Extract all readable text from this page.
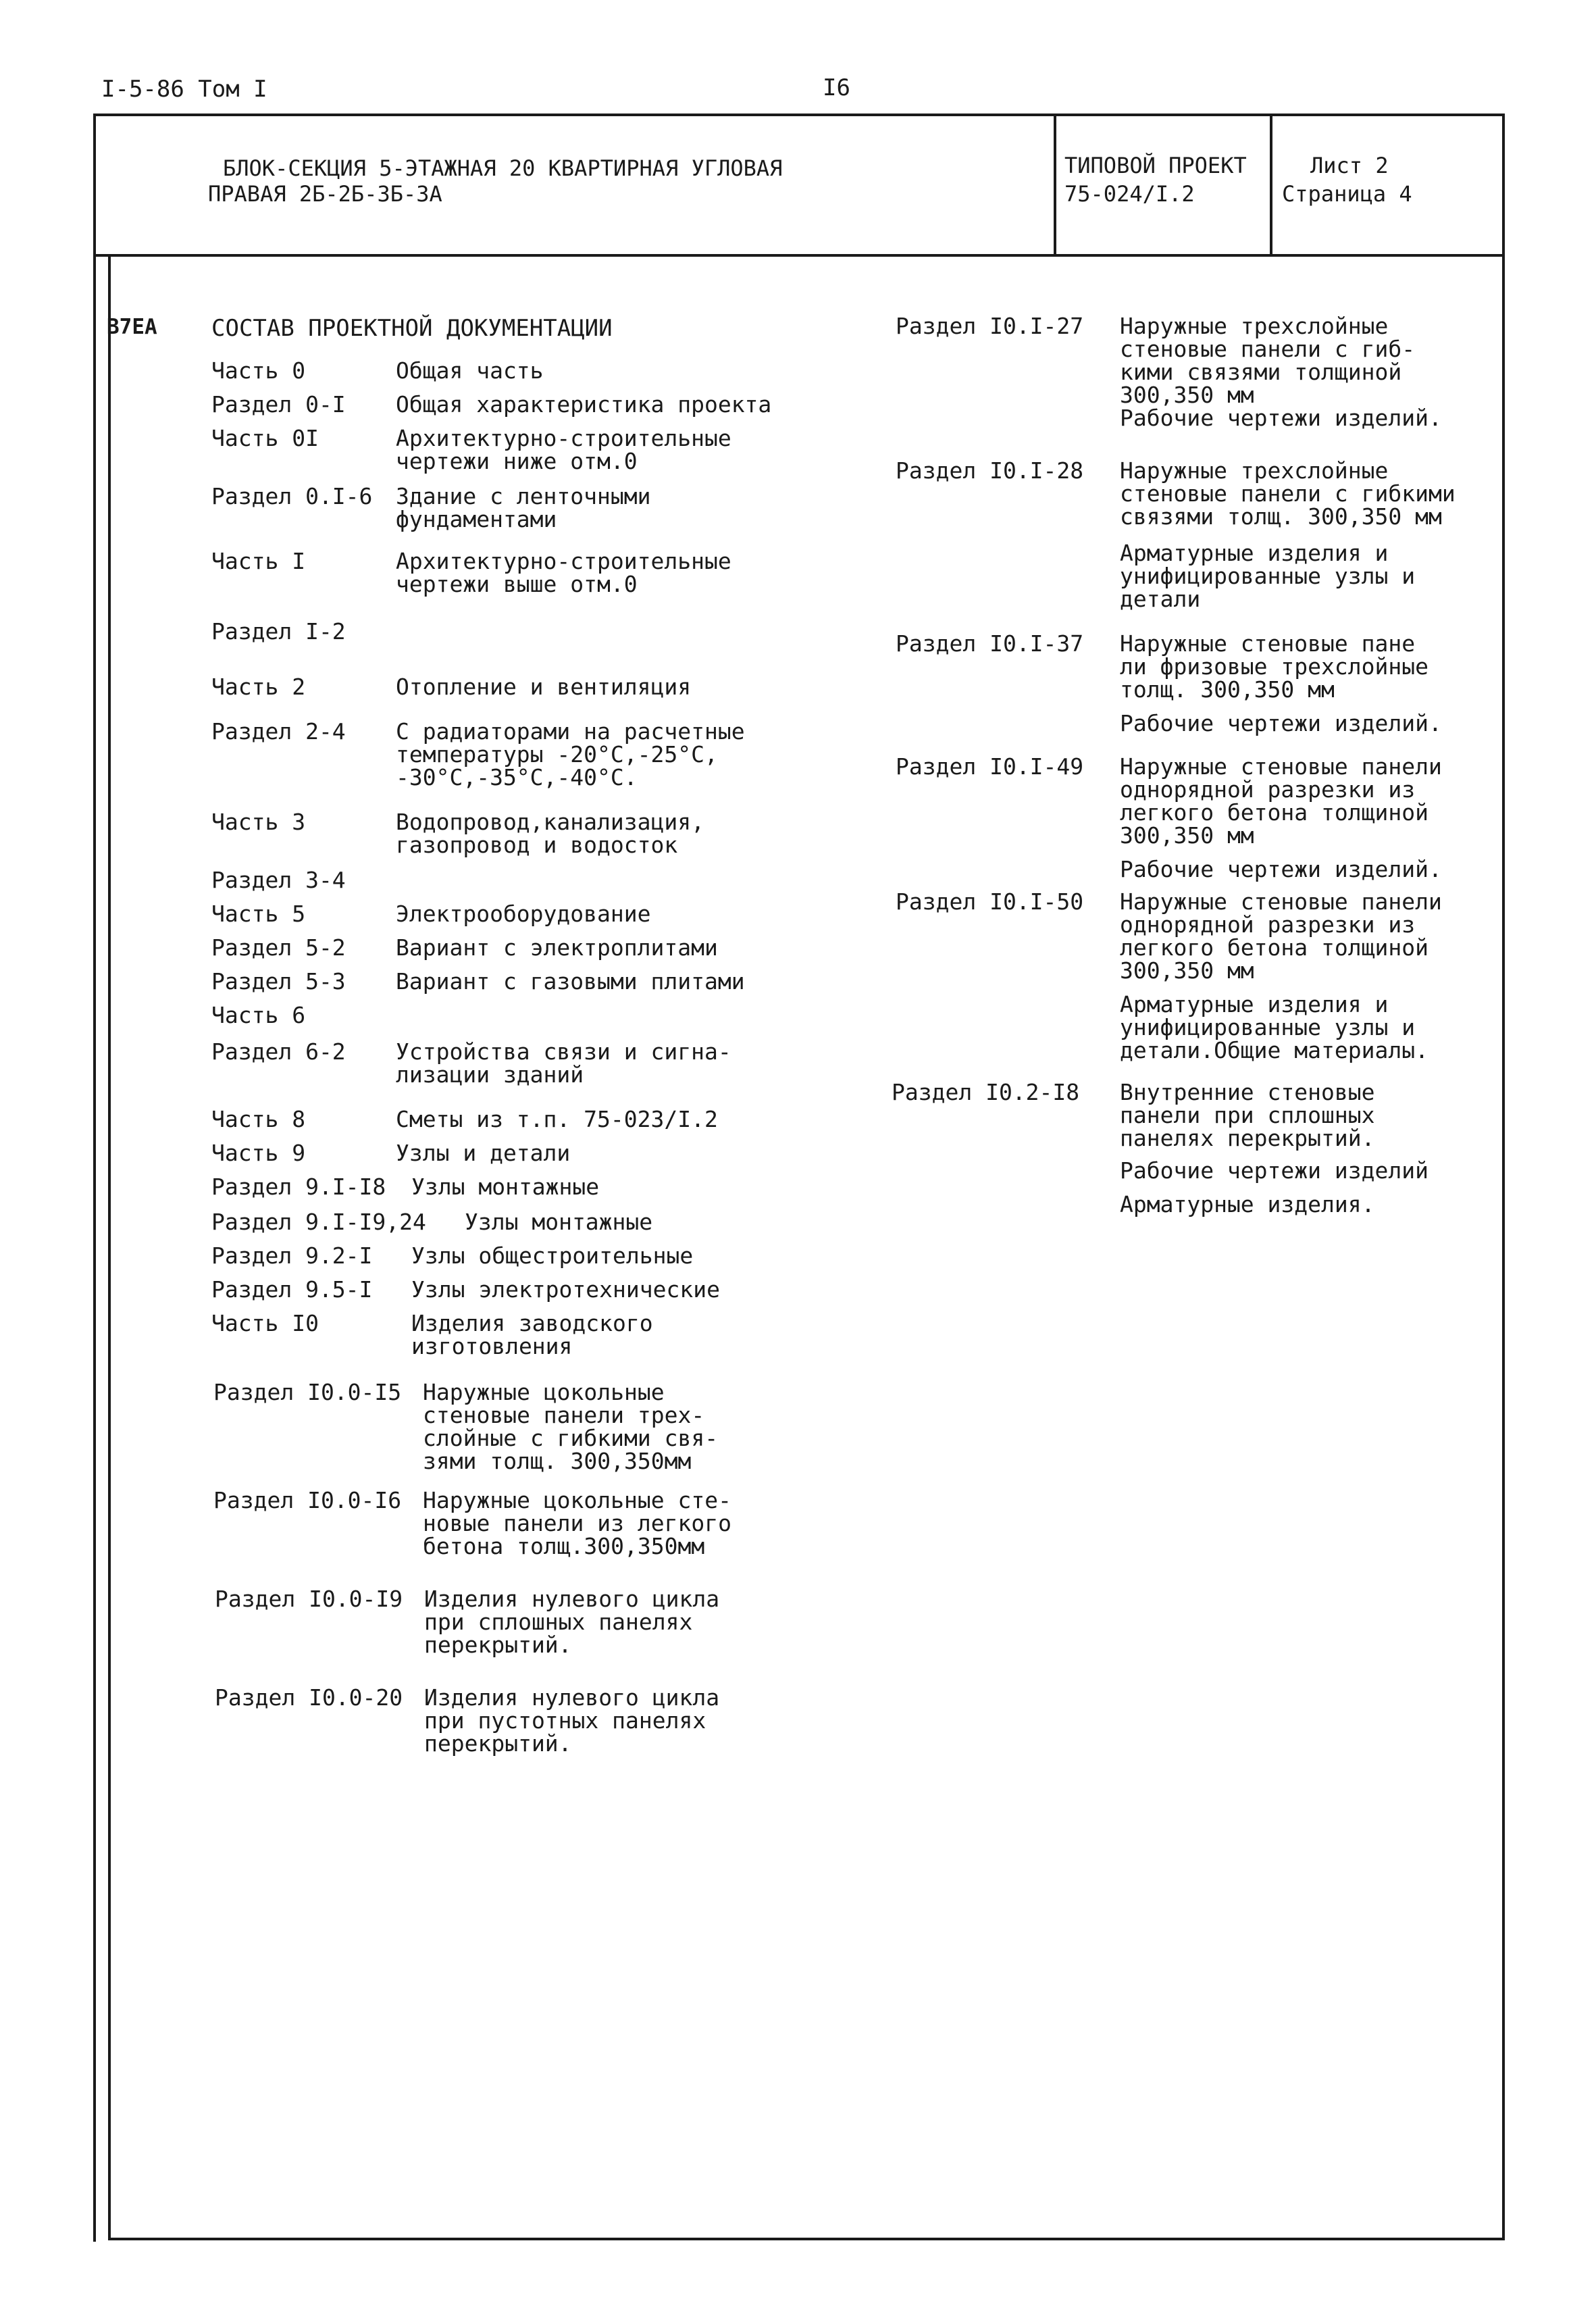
I-5-86 Том I	I6
БЛОК-СЕКЦИЯ 5-ЭТАЖНАЯ 20 КВАРТИРНАЯ УГЛОВАЯ
ПРАВАЯ 2Б-2Б-3Б-3А
ТИПОВОЙ ПРОЕКТ
75-024/I.2
Лист 2
Страница 4
В7ЕА СОСТАВ ПРОЕКТНОЙ ДОКУМЕНТАЦИИ
Часть 0	Общая часть
Раздел 0-I Общая характеристика проекта
Часть 0I	Архитектурно-строительные
чертежи ниже отм.0
Раздел 0.I-6 Здание с ленточными
фундаментами
Часть I	Архитектурно-строительные
чертежи выше отм.0
Раздел I-2
Часть 2	Отопление и вентиляция
Раздел 2-4 С радиаторами на расчетные
температуры -20°С,-25°С,
-30°С,-35°С,-40°С.
Часть 3	Водопровод,канализация,
газопровод и водосток
Раздел 3-4
Часть 5	Электрооборудование
Раздел 5-2 Вариант с электроплитами
Раздел 5-3 Вариант с газовыми плитами
Часть 6
Раздел 6-2 Устройства связи и сигна-
лизации зданий
Часть 8	Сметы из т.п. 75-023/I.2
Часть 9	Узлы и детали
Раздел 9.I-I8 Узлы монтажные
Раздел 9.I-I9,24 Узлы монтажные
Раздел 9.2-I Узлы общестроительные
Раздел 9.5-I Узлы электротехнические
Часть I0	Изделия заводского
изготовления
Раздел I0.0-I5 Наружные цокольные
стеновые панели трех-
слойные с гибкими свя-
зями толщ. 300,350мм
Раздел I0.0-I6 Наружные цокольные сте-
новые панели из легкого
бетона толщ.300,350мм
Раздел I0.0-I9 Изделия нулевого цикла
при сплошных панелях
перекрытий.
Раздел I0.0-20 Изделия нулевого цикла
при пустотных панелях
перекрытий.
Раздел I0.I-27 Наружные трехслойные
стеновые панели с гиб-
кими связями толщиной
300,350 мм
Рабочие чертежи изделий.
Раздел I0.I-28 Наружные трехслойные
стеновые панели с гибкими
связями толщ. 300,350 мм
Арматурные изделия и
унифицированные узлы и
детали
Раздел I0.I-37 Наружные стеновые пане
ли фризовые трехслойные
толщ. 300,350 мм
Рабочие чертежи изделий.
Раздел I0.I-49 Наружные стеновые панели
однорядной разрезки из
легкого бетона толщиной
300,350 мм
Рабочие чертежи изделий.
Раздел I0.I-50 Наружные стеновые панели
однорядной разрезки из
легкого бетона толщиной
300,350 мм
Арматурные изделия и
унифицированные узлы и
детали.Общие материалы.
Раздел I0.2-I8 Внутренние стеновые
панели при сплошных
панелях перекрытий.
Рабочие чертежи изделий
Арматурные изделия.
